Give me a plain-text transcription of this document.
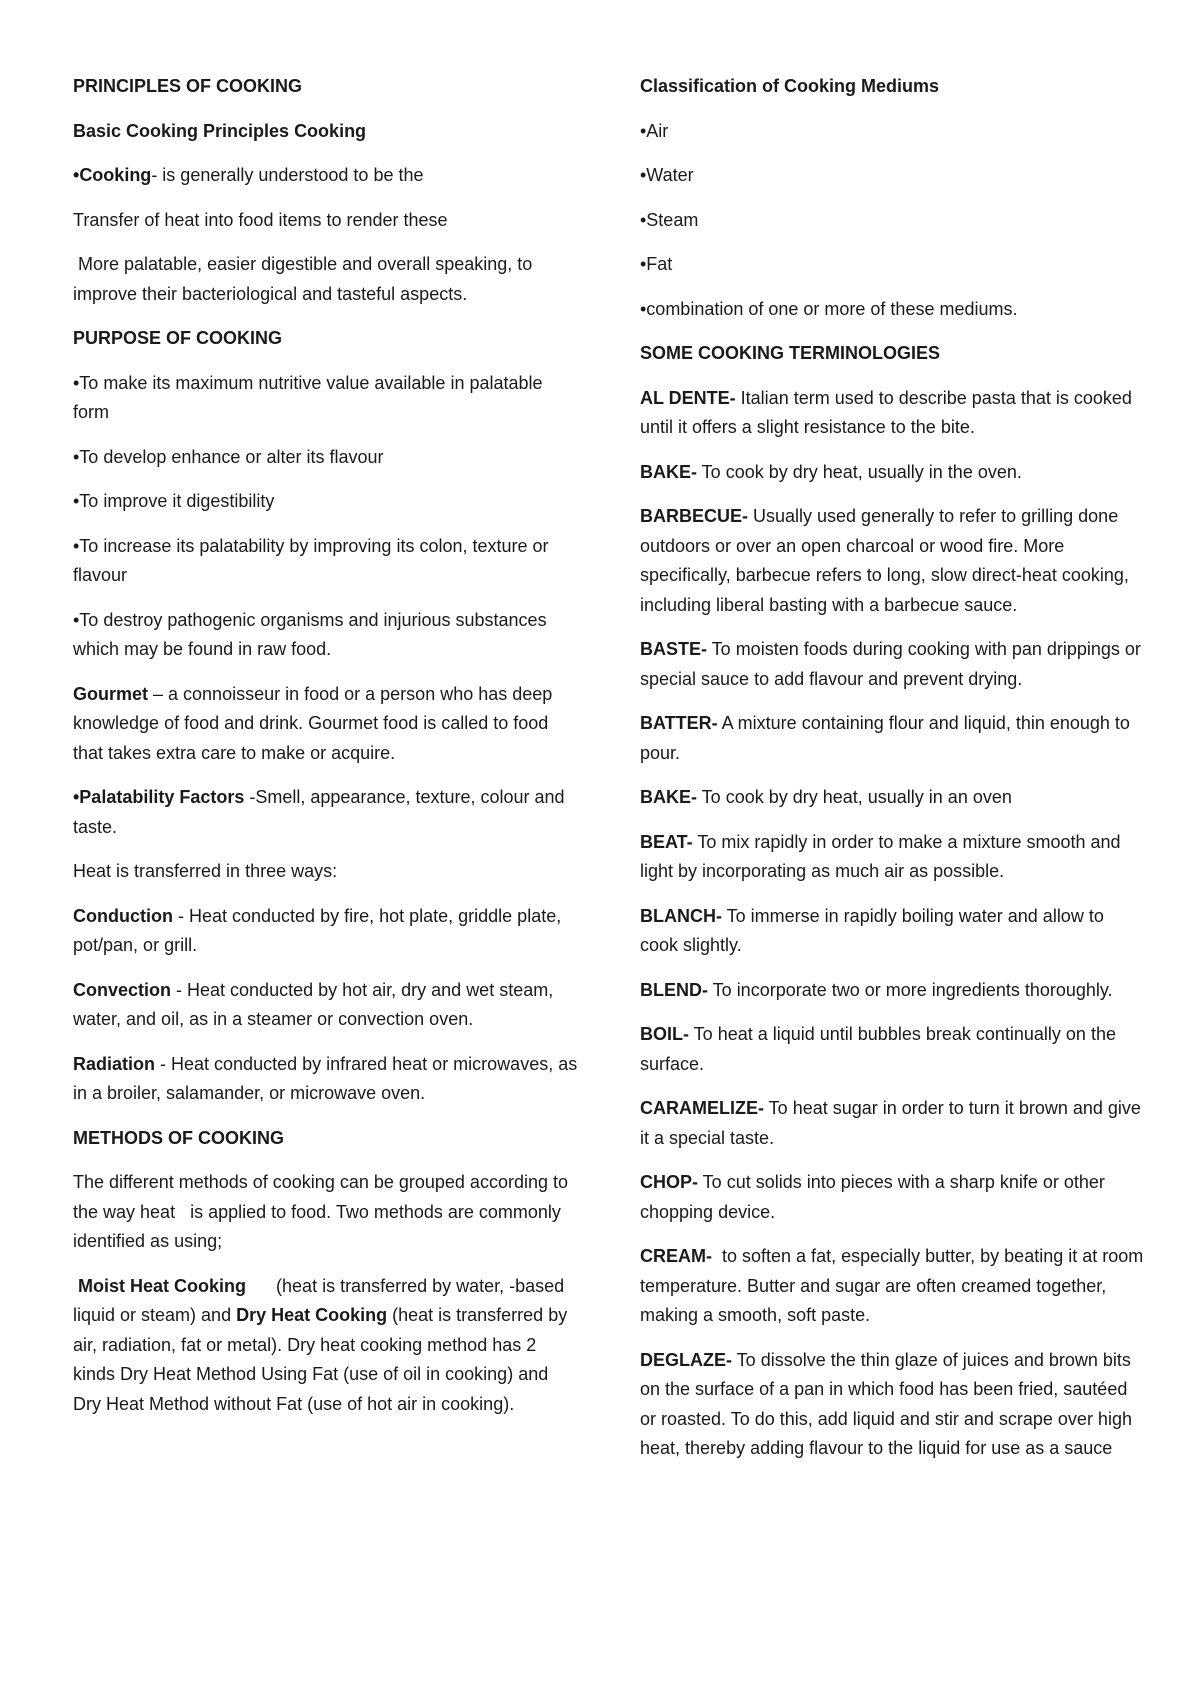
PRINCIPLES OF COOKING

Basic Cooking Principles Cooking

•Cooking- is generally understood to be the

Transfer of heat into food items to render these

More palatable, easier digestible and overall speaking, to improve their bacteriological and tasteful aspects.

PURPOSE OF COOKING

•To make its maximum nutritive value available in palatable form

•To develop enhance or alter its flavour

•To improve it digestibility

•To increase its palatability by improving its colon, texture or flavour

•To destroy pathogenic organisms and injurious substances which may be found in raw food.

Gourmet – a connoisseur in food or a person who has deep knowledge of food and drink. Gourmet food is called to food that takes extra care to make or acquire.

•Palatability Factors -Smell, appearance, texture, colour and taste.

Heat is transferred in three ways:

Conduction - Heat conducted by fire, hot plate, griddle plate, pot/pan, or grill.

Convection - Heat conducted by hot air, dry and wet steam, water, and oil, as in a steamer or convection oven.

Radiation - Heat conducted by infrared heat or microwaves, as in a broiler, salamander, or microwave oven.

METHODS OF COOKING

The different methods of cooking can be grouped according to the way heat   is applied to food. Two methods are commonly identified as using;

Moist Heat Cooking      (heat is transferred by water, -based liquid or steam) and Dry Heat Cooking (heat is transferred by air, radiation, fat or metal). Dry heat cooking method has 2 kinds Dry Heat Method Using Fat (use of oil in cooking) and Dry Heat Method without Fat (use of hot air in cooking).

Classification of Cooking Mediums

•Air

•Water

•Steam

•Fat

•combination of one or more of these mediums.

SOME COOKING TERMINOLOGIES

AL DENTE- Italian term used to describe pasta that is cooked until it offers a slight resistance to the bite.

BAKE- To cook by dry heat, usually in the oven.

BARBECUE- Usually used generally to refer to grilling done outdoors or over an open charcoal or wood fire. More specifically, barbecue refers to long, slow direct-heat cooking, including liberal basting with a barbecue sauce.

BASTE- To moisten foods during cooking with pan drippings or special sauce to add flavour and prevent drying.

BATTER- A mixture containing flour and liquid, thin enough to pour.

BAKE- To cook by dry heat, usually in an oven

BEAT- To mix rapidly in order to make a mixture smooth and light by incorporating as much air as possible.

BLANCH- To immerse in rapidly boiling water and allow to cook slightly.

BLEND- To incorporate two or more ingredients thoroughly.

BOIL- To heat a liquid until bubbles break continually on the surface.

CARAMELIZE- To heat sugar in order to turn it brown and give it a special taste.

CHOP- To cut solids into pieces with a sharp knife or other chopping device.

CREAM-  to soften a fat, especially butter, by beating it at room temperature. Butter and sugar are often creamed together, making a smooth, soft paste.

DEGLAZE- To dissolve the thin glaze of juices and brown bits on the surface of a pan in which food has been fried, sautéed or roasted. To do this, add liquid and stir and scrape over high heat, thereby adding flavour to the liquid for use as a sauce
